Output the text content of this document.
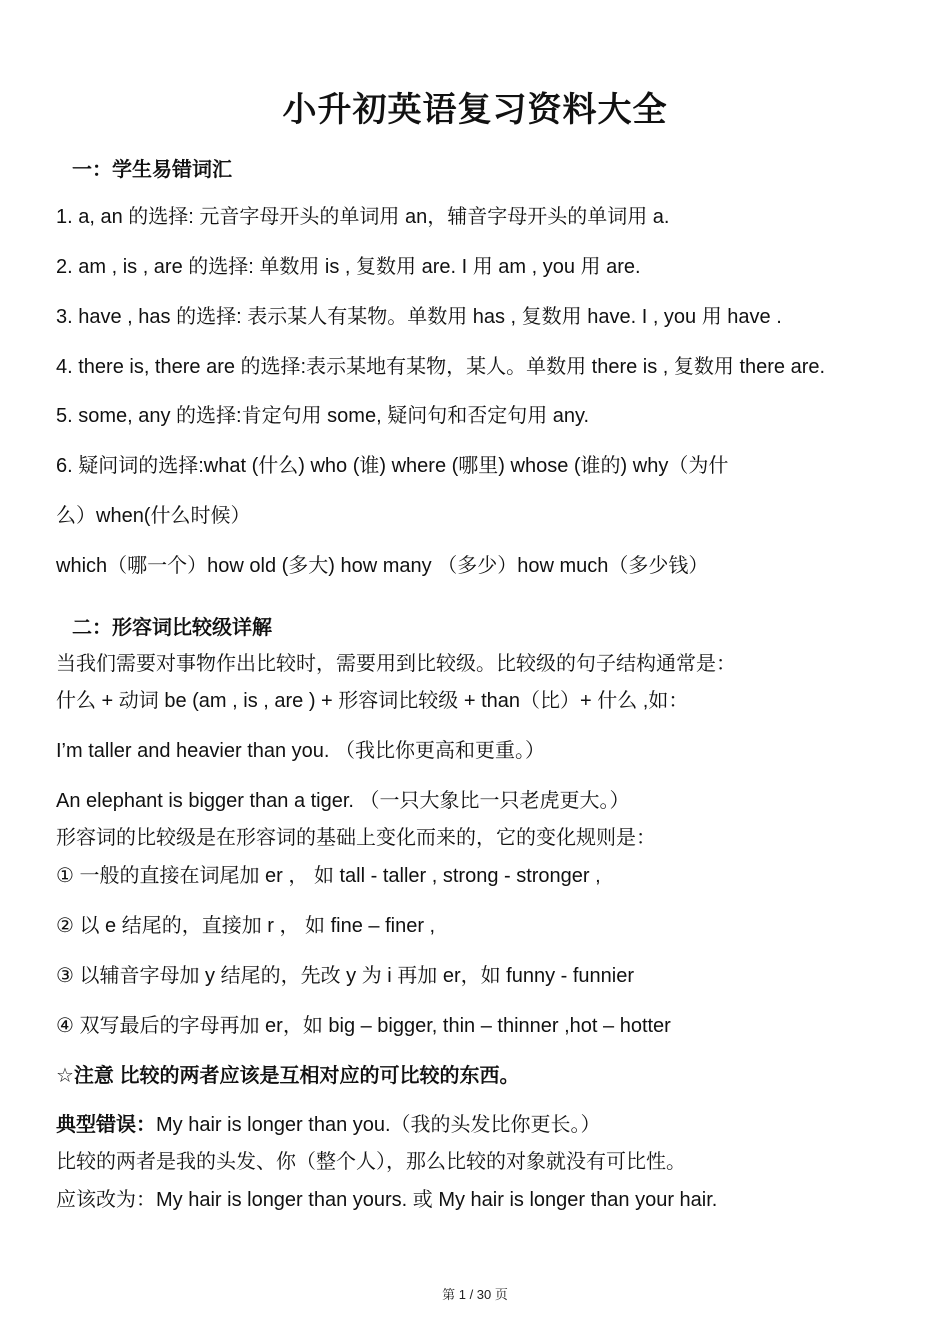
小升初英语复习资料大全
一：学生易错词汇
1. a, an 的选择: 元音字母开头的单词用 an，辅音字母开头的单词用 a.
2. am , is , are 的选择: 单数用 is , 复数用 are. I 用 am , you 用 are.
3. have , has 的选择: 表示某人有某物。单数用 has , 复数用 have. I , you 用 have .
4. there is, there are 的选择:表示某地有某物，某人。单数用 there is , 复数用 there are.
5. some, any 的选择:肯定句用 some, 疑问句和否定句用 any.
6. 疑问词的选择:what (什么) who (谁) where (哪里) whose (谁的) why（为什
么）when(什么时候）
which（哪一个）how old (多大) how many （多少）how much（多少钱）
二：形容词比较级详解
当我们需要对事物作出比较时，需要用到比较级。比较级的句子结构通常是：
什么 + 动词 be (am , is , are ) + 形容词比较级 + than（比）+ 什么 ,如：
I’m taller and heavier than you. （我比你更高和更重。）
An elephant is bigger than a tiger. （一只大象比一只老虎更大。）
形容词的比较级是在形容词的基础上变化而来的，它的变化规则是：
① 一般的直接在词尾加 er ， 如 tall - taller , strong - stronger ,
② 以 e 结尾的，直接加 r ， 如 fine – finer ,
③ 以辅音字母加 y 结尾的，先改 y 为 i 再加 er，如 funny - funnier
④ 双写最后的字母再加 er，如 big – bigger, thin – thinner ,hot – hotter
☆注意 比较的两者应该是互相对应的可比较的东西。
典型错误：My hair is longer than you.（我的头发比你更长。）
比较的两者是我的头发、你（整个人），那么比较的对象就没有可比性。
应该改为：My hair is longer than yours. 或 My hair is longer than your hair.
第 1 / 30 页
